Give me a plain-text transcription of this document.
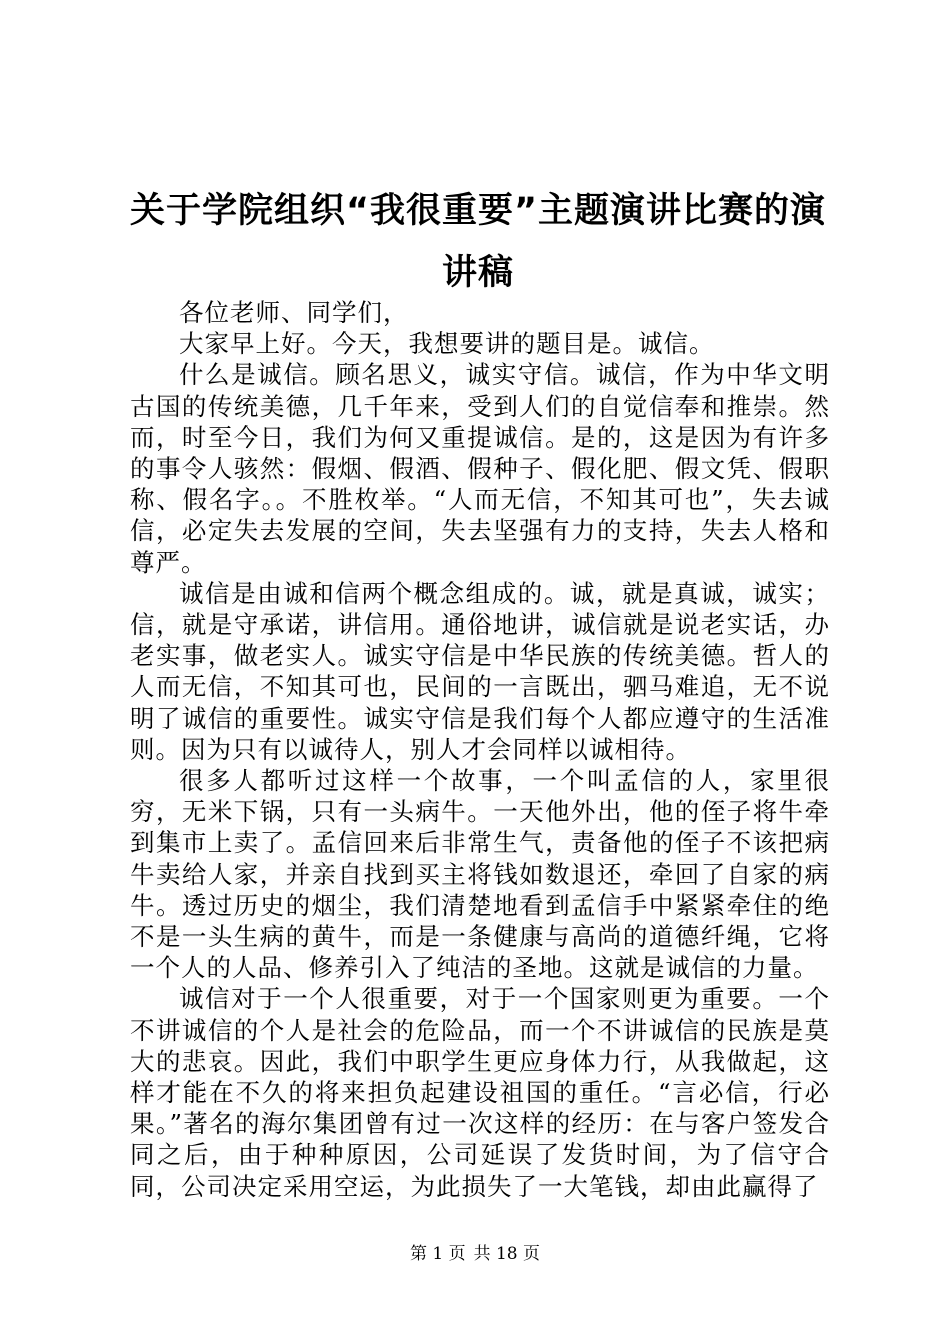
关于学院组织“我很重要”主题演讲比赛的演讲稿

各位老师、同学们，

大家早上好。今天，我想要讲的题目是。诚信。

什么是诚信。顾名思义，诚实守信。诚信，作为中华文明古国的传统美德，几千年来，受到人们的自觉信奉和推崇。然而，时至今日，我们为何又重提诚信。是的，这是因为有许多的事令人骇然：假烟、假酒、假种子、假化肥、假文凭、假职称、假名字。。不胜枚举。“人而无信，不知其可也”，失去诚信，必定失去发展的空间，失去坚强有力的支持，失去人格和尊严。

诚信是由诚和信两个概念组成的。诚，就是真诚，诚实；信，就是守承诺，讲信用。通俗地讲，诚信就是说老实话，办老实事，做老实人。诚实守信是中华民族的传统美德。哲人的人而无信，不知其可也，民间的一言既出，驷马难追，无不说明了诚信的重要性。诚实守信是我们每个人都应遵守的生活准则。因为只有以诚待人，别人才会同样以诚相待。

很多人都听过这样一个故事，一个叫孟信的人，家里很穷，无米下锅，只有一头病牛。一天他外出，他的侄子将牛牵到集市上卖了。孟信回来后非常生气，责备他的侄子不该把病牛卖给人家，并亲自找到买主将钱如数退还，牵回了自家的病牛。透过历史的烟尘，我们清楚地看到孟信手中紧紧牵住的绝不是一头生病的黄牛，而是一条健康与高尚的道德纤绳，它将一个人的人品、修养引入了纯洁的圣地。这就是诚信的力量。

诚信对于一个人很重要，对于一个国家则更为重要。一个不讲诚信的个人是社会的危险品，而一个不讲诚信的民族是莫大的悲哀。因此，我们中职学生更应身体力行，从我做起，这样才能在不久的将来担负起建设祖国的重任。“言必信，行必果。”著名的海尔集团曾有过一次这样的经历：在与客户签发合同之后，由于种种原因，公司延误了发货时间，为了信守合同，公司决定采用空运，为此损失了一大笔钱，却由此赢得了

第 1 页 共 18 页
